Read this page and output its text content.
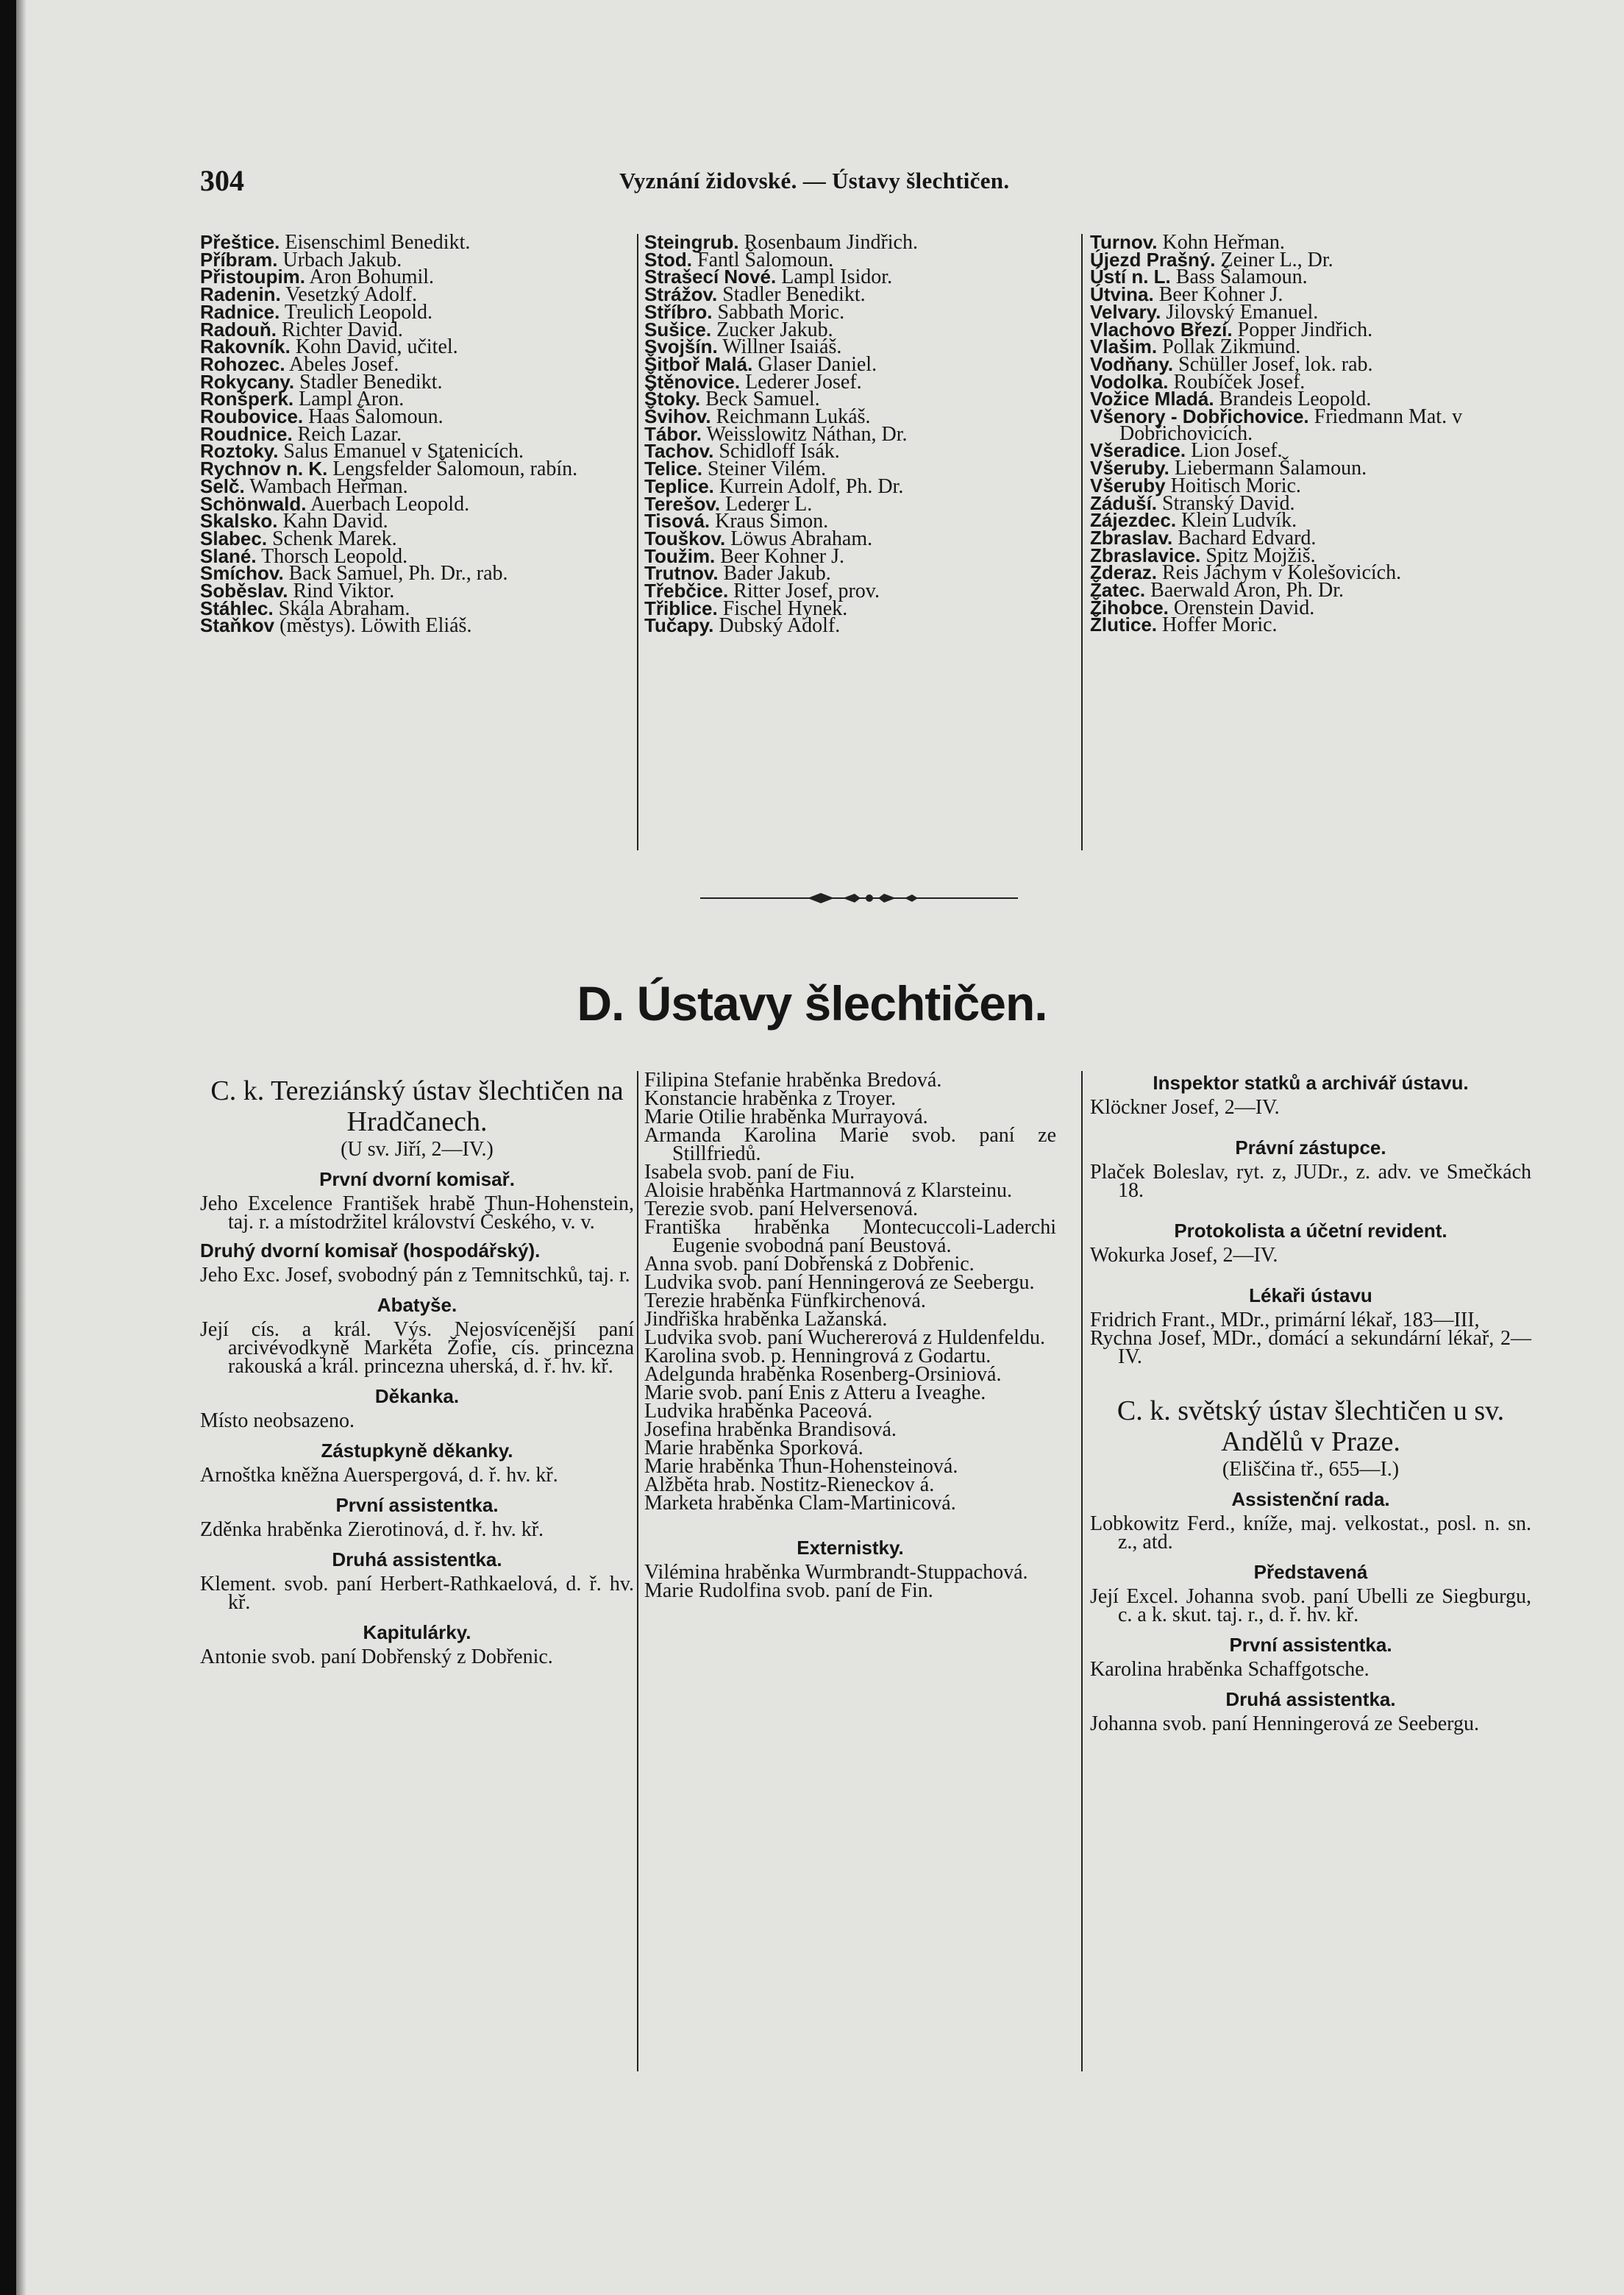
304	Vyznání židovské. — Ústavy šlechtičen.
Přeštice. Eisenschiml Benedikt.
Příbram. Urbach Jakub.
Přistoupim. Aron Bohumil.
Radenin. Vesetzký Adolf.
Radnice. Treulich Leopold.
Radouň. Richter David.
Rakovník. Kohn David, učitel.
Rohozec. Abeles Josef.
Rokycany. Stadler Benedikt.
Ronšperk. Lampl Aron.
Roubovice. Haas Šalomoun.
Roudnice. Reich Lazar.
Roztoky. Salus Emanuel v Statenicích.
Rychnov n. K. Lengsfelder Šalomoun, rabín.
Selč. Wambach Heřman.
Schönwald. Auerbach Leopold.
Skalsko. Kahn David.
Slabec. Schenk Marek.
Slané. Thorsch Leopold.
Smíchov. Back Samuel, Ph. Dr., rab.
Soběslav. Rind Viktor.
Stáhlec. Skála Abraham.
Staňkov (městys). Löwith Eliáš.
Steingrub. Rosenbaum Jindřich.
Stod. Fantl Šalomoun.
Strašecí Nové. Lampl Isidor.
Strážov. Stadler Benedikt.
Stříbro. Sabbath Moric.
Sušice. Zucker Jakub.
Svojšín. Willner Isaiáš.
Šitboř Malá. Glaser Daniel.
Štěnovice. Lederer Josef.
Štoky. Beck Samuel.
Švihov. Reichmann Lukáš.
Tábor. Weisslowitz Náthan, Dr.
Tachov. Schidloff Isák.
Telice. Steiner Vilém.
Teplice. Kurrein Adolf, Ph. Dr.
Terešov. Lederer L.
Tisová. Kraus Šimon.
Touškov. Löwus Abraham.
Toužim. Beer Kohner J.
Trutnov. Bader Jakub.
Třebčice. Ritter Josef, prov.
Třiblice. Fischel Hynek.
Tučapy. Dubský Adolf.
Turnov. Kohn Heřman.
Újezd Prašný. Zeiner L., Dr.
Ústí n. L. Bass Šalamoun.
Útvina. Beer Kohner J.
Velvary. Jilovský Emanuel.
Vlachovo Březí. Popper Jindřich.
Vlašim. Pollak Zikmund.
Vodňany. Schüller Josef, lok. rab.
Vodolka. Roubíček Josef.
Vožice Mladá. Brandeis Leopold.
Všenory - Dobřichovice. Friedmann Mat. v Dobřichovicích.
Všeradice. Lion Josef.
Všeruby. Liebermann Šalamoun.
Všeruby Hoitisch Moric.
Záduší. Stranský David.
Zájezdec. Klein Ludvík.
Zbraslav. Bachard Edvard.
Zbraslavice. Spitz Mojžiš.
Zderaz. Reis Jáchym v Kolešovicích.
Žatec. Baerwald Aron, Ph. Dr.
Žihobce. Orenstein David.
Žlutice. Hoffer Moric.
D. Ústavy šlechtičen.

C. k. Tereziánský ústav šlechtičen na Hradčanech.

(U sv. Jiří, 2—IV.)

První dvorní komisař.

Jeho Excelence František hrabě Thun-Hohenstein, taj. r. a místodržitel království Českého, v. v.

Druhý dvorní komisař (hospodářský).

Jeho Exc. Josef, svobodný pán z Temnitschků, taj. r.

Abatyše.

Její cís. a král. Výs. Nejosvícenější paní arcivévodkyně Markéta Žofie, cís. princezna rakouská a král. princezna uherská, d. ř. hv. kř.

Děkanka.

Místo neobsazeno.

Zástupkyně děkanky.

Arnoštka kněžna Auerspergová, d. ř. hv. kř.

První assistentka.

Zděnka hraběnka Zierotinová, d. ř. hv. kř.

Druhá assistentka.

Klement. svob. paní Herbert-Rathkaelová, d. ř. hv. kř.

Kapitulárky.

Antonie svob. paní Dobřenský z Dobřenic.

Filipina Stefanie hraběnka Bredová.

Konstancie hraběnka z Troyer.

Marie Otilie hraběnka Murrayová.

Armanda Karolina Marie svob. paní ze Stillfriedů.

Isabela svob. paní de Fiu.

Aloisie hraběnka Hartmannová z Klarsteinu.

Terezie svob. paní Helversenová.

Františka hraběnka Montecuccoli-Laderchi Eugenie svobodná paní Beustová.

Anna svob. paní Dobřenská z Dobřenic.

Ludvika svob. paní Henningerová ze Seebergu.

Terezie hraběnka Fünfkirchenová.

Jindřiška hraběnka Lažanská.

Ludvika svob. paní Wuchererová z Huldenfeldu.

Karolina svob. p. Henningrová z Godartu.

Adelgunda hraběnka Rosenberg-Orsiniová.

Marie svob. paní Enis z Atteru a Iveaghe.

Ludvika hraběnka Paceová.

Josefina hraběnka Brandisová.

Marie hraběnka Sporková.

Marie hraběnka Thun-Hohensteinová.

Alžběta hrab. Nostitz-Rieneckov á.

Marketa hraběnka Clam-Martinicová.

Externistky.

Vilémina hraběnka Wurmbrandt-Stuppachová.

Marie Rudolfina svob. paní de Fin.

Inspektor statků a archivář ústavu.

Klöckner Josef, 2—IV.

Právní zástupce.

Plaček Boleslav, ryt. z, JUDr., z. adv. ve Smečkách 18.

Protokolista a účetní revident.

Wokurka Josef, 2—IV.

Lékaři ústavu

Fridrich Frant., MDr., primární lékař, 183—III,

Rychna Josef, MDr., domácí a sekundární lékař, 2—IV.

C. k. světský ústav šlechtičen u sv. Andělů v Praze.

(Eliščina tř., 655—I.)

Assistenční rada.

Lobkowitz Ferd., kníže, maj. velkostat., posl. n. sn. z., atd.

Představená

Její Excel. Johanna svob. paní Ubelli ze Siegburgu, c. a k. skut. taj. r., d. ř. hv. kř.

První assistentka.

Karolina hraběnka Schaffgotsche.

Druhá assistentka.

Johanna svob. paní Henningerová ze Seebergu.
